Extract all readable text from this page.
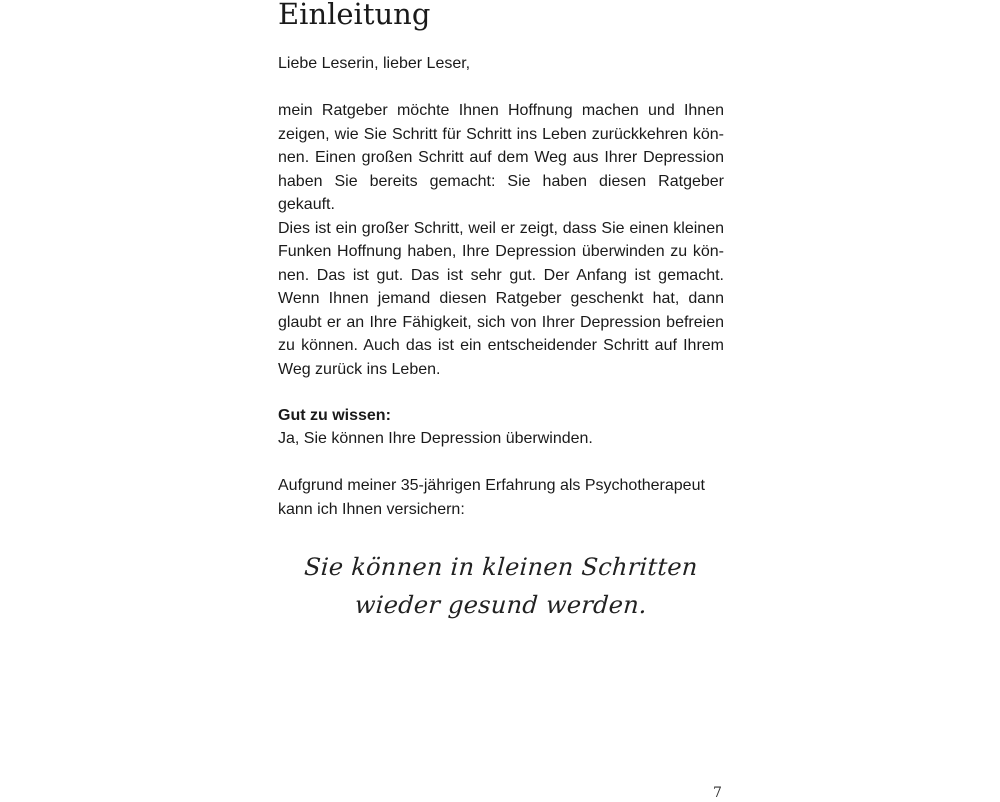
Einleitung

Liebe Leserin, lieber Leser,

mein Ratgeber möchte Ihnen Hoffnung machen und Ihnen
zeigen, wie Sie Schritt für Schritt ins Leben zurückkehren kön-
nen. Einen großen Schritt auf dem Weg aus Ihrer Depression
haben Sie bereits gemacht: Sie haben diesen Ratgeber
gekauft.
Dies ist ein großer Schritt, weil er zeigt, dass Sie einen kleinen
Funken Hoffnung haben, Ihre Depression überwinden zu kön-
nen. Das ist gut. Das ist sehr gut. Der Anfang ist gemacht.
Wenn Ihnen jemand diesen Ratgeber geschenkt hat, dann
glaubt er an Ihre Fähigkeit, sich von Ihrer Depression befreien
zu können. Auch das ist ein entscheidender Schritt auf Ihrem
Weg zurück ins Leben.

Gut zu wissen:

Ja, Sie können Ihre Depression überwinden.

Aufgrund meiner 35-jährigen Erfahrung als Psychotherapeut
kann ich Ihnen versichern:

Sie können in kleinen Schritten
wieder gesund werden.

7
